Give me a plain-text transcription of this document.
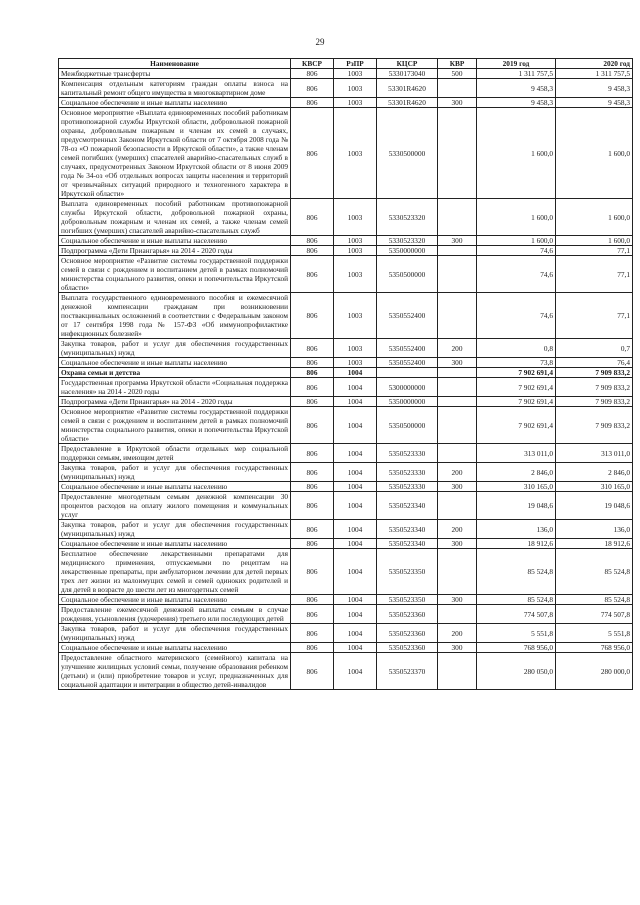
29
Наименование	КВСР	РзПР	КЦСР	КВР	2019 год	2020 год
Межбюджетные трансферты	806	1003	5330173040	500	1 311 757,5	1 311 757,5
Компенсация отдельным категориям граждан оплаты взноса на капитальный ремонт общего имущества в многоквартирном доме	806	1003	53301R4620		9 458,3	9 458,3
Социальное обеспечение и иные выплаты населению	806	1003	53301R4620	300	9 458,3	9 458,3
Основное мероприятие «Выплата единовременных пособий работникам противопожарной службы Иркутской области, добровольной пожарной охраны, добровольным пожарным и членам их семей в случаях, предусмотренных Законом Иркутской области от 7 октября 2008 года № 78-оз «О пожарной безопасности в Иркутской области», а также членам семей погибших (умерших) спасателей аварийно-спасательных служб в случаях, предусмотренных Законом Иркутской области от 8 июня 2009 года № 34-оз «Об отдельных вопросах защиты населения и территорий от чрезвычайных ситуаций природного и техногенного характера в Иркутской области»	806	1003	5330500000		1 600,0	1 600,0
Выплата единовременных пособий работникам противопожарной службы Иркутской области, добровольной пожарной охраны, добровольным пожарным и членам их семей, а также членам семей погибших (умерших) спасателей аварийно-спасательных служб	806	1003	5330523320		1 600,0	1 600,0
Социальное обеспечение и иные выплаты населению	806	1003	5330523320	300	1 600,0	1 600,0
Подпрограмма «Дети Приангарья» на 2014 - 2020 годы	806	1003	5350000000		74,6	77,1
Основное мероприятие «Развитие системы государственной поддержки семей в связи с рождением и воспитанием детей в рамках полномочий министерства социального развития, опеки и попечительства Иркутской области»	806	1003	5350500000		74,6	77,1
Выплата государственного единовременного пособия и ежемесячной денежной компенсации гражданам при возникновении поствакцинальных осложнений в соответствии с Федеральным законом от 17 сентября 1998 года № 157-ФЗ «Об иммунопрофилактике инфекционных болезней»	806	1003	5350552400		74,6	77,1
Закупка товаров, работ и услуг для обеспечения государственных (муниципальных) нужд	806	1003	5350552400	200	0,8	0,7
Социальное обеспечение и иные выплаты населению	806	1003	5350552400	300	73,8	76,4
Охрана семьи и детства	806	1004			7 902 691,4	7 909 833,2
Государственная программа Иркутской области «Социальная поддержка населения» на 2014 - 2020 годы	806	1004	5300000000		7 902 691,4	7 909 833,2
Подпрограмма «Дети Приангарья» на 2014 - 2020 годы	806	1004	5350000000		7 902 691,4	7 909 833,2
Основное мероприятие «Развитие системы государственной поддержки семей в связи с рождением и воспитанием детей в рамках полномочий министерства социального развития, опеки и попечительства Иркутской области»	806	1004	5350500000		7 902 691,4	7 909 833,2
Предоставление в Иркутской области отдельных мер социальной поддержки семьям, имеющим детей	806	1004	5350523330		313 011,0	313 011,0
Закупка товаров, работ и услуг для обеспечения государственных (муниципальных) нужд	806	1004	5350523330	200	2 846,0	2 846,0
Социальное обеспечение и иные выплаты населению	806	1004	5350523330	300	310 165,0	310 165,0
Предоставление многодетным семьям денежной компенсации 30 процентов расходов на оплату жилого помещения и коммунальных услуг	806	1004	5350523340		19 048,6	19 048,6
Закупка товаров, работ и услуг для обеспечения государственных (муниципальных) нужд	806	1004	5350523340	200	136,0	136,0
Социальное обеспечение и иные выплаты населению	806	1004	5350523340	300	18 912,6	18 912,6
Бесплатное обеспечение лекарственными препаратами для медицинского применения, отпускаемыми по рецептам на лекарственные препараты, при амбулаторном лечении для детей первых трех лет жизни из малоимущих семей и семей одиноких родителей и для детей в возрасте до шести лет из многодетных семей	806	1004	5350523350		85 524,8	85 524,8
Социальное обеспечение и иные выплаты населению	806	1004	5350523350	300	85 524,8	85 524,8
Предоставление ежемесячной денежной выплаты семьям в случае рождения, усыновления (удочерения) третьего или последующих детей	806	1004	5350523360		774 507,8	774 507,8
Закупка товаров, работ и услуг для обеспечения государственных (муниципальных) нужд	806	1004	5350523360	200	5 551,8	5 551,8
Социальное обеспечение и иные выплаты населению	806	1004	5350523360	300	768 956,0	768 956,0
Предоставление областного материнского (семейного) капитала на улучшение жилищных условий семьи, получение образования ребенком (детьми) и (или) приобретение товаров и услуг, предназначенных для социальной адаптации и интеграции в общество детей-инвалидов	806	1004	5350523370		280 050,0	280 000,0
